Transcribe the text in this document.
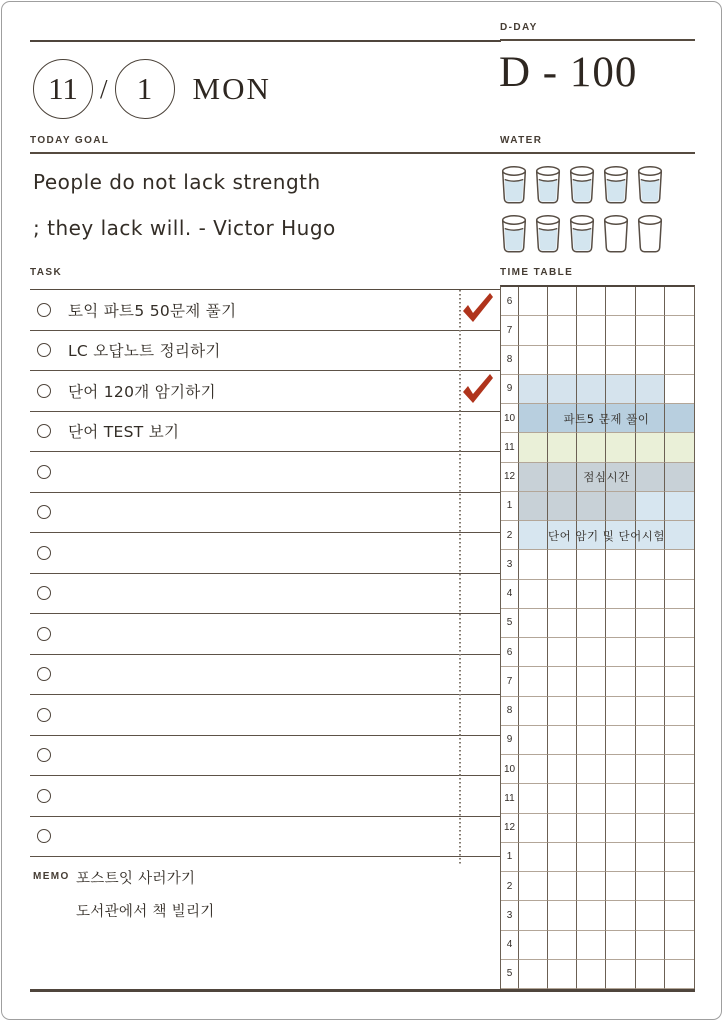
11 / 1 MON
D-DAY
D - 100
TODAY GOAL
People do not lack strength
; they lack will. - Victor Hugo
WATER
TASK
토익 파트5 50문제 풀기
LC 오답노트 정리하기
단어 120개 암기하기
단어 TEST 보기
MEMO 포스트잇 사러가기
도서관에서 책 빌리기
TIME TABLE
6
7
8
9
10
11
12
1
2
3
4
5
6
7
8
9
10
11
12
1
2
3
4
5
파트5 문제 풀이
점심시간
단어 암기 및 단어시험
